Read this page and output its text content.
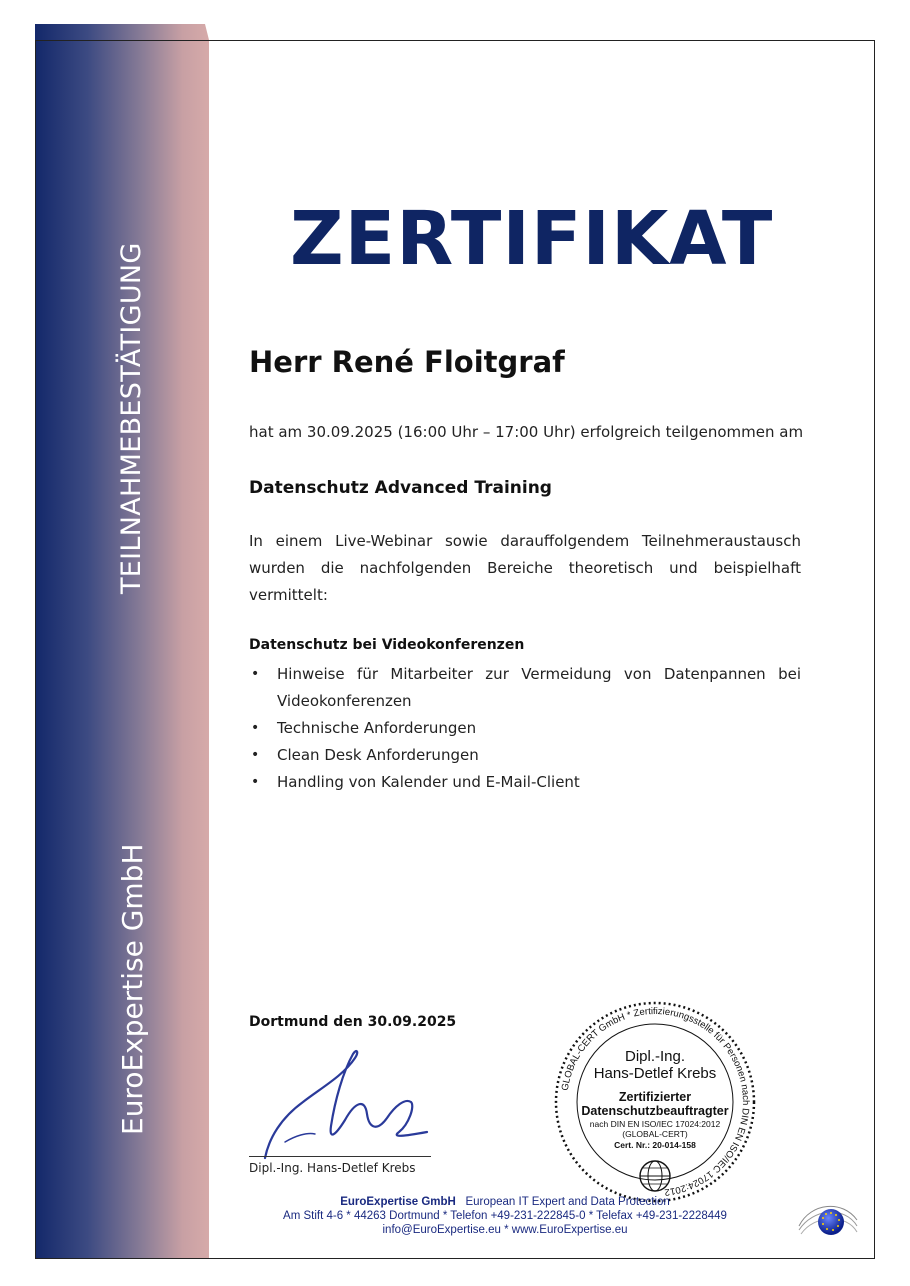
TEILNAHMEBESTÄTIGUNG
EuroExpertise GmbH
ZERTIFIKAT
Herr René Floitgraf
hat am 30.09.2025 (16:00 Uhr – 17:00 Uhr) erfolgreich teilgenommen am
Datenschutz Advanced Training
In einem Live-Webinar sowie darauffolgendem Teilnehmeraustausch wurden die nachfolgenden Bereiche theoretisch und beispielhaft vermittelt:
Datenschutz bei Videokonferenzen
• Hinweise für Mitarbeiter zur Vermeidung von Datenpannen bei Videokonferenzen
• Technische Anforderungen
• Clean Desk Anforderungen
• Handling von Kalender und E-Mail-Client
Dortmund den 30.09.2025
Dipl.-Ing. Hans-Detlef Krebs
GLOBAL-CERT GmbH * Zertifizierungsstelle für Personen nach DIN EN ISO/IEC 17024:2012
Dipl.-Ing.
Hans-Detlef Krebs
Zertifizierter
Datenschutzbeauftragter
nach DIN EN ISO/IEC 17024:2012
(GLOBAL-CERT)
Cert. Nr.: 20-014-158
EuroExpertise GmbH European IT Expert and Data Protection
Am Stift 4-6 * 44263 Dortmund * Telefon +49-231-222845-0 * Telefax +49-231-2228449
info@EuroExpertise.eu * www.EuroExpertise.eu
